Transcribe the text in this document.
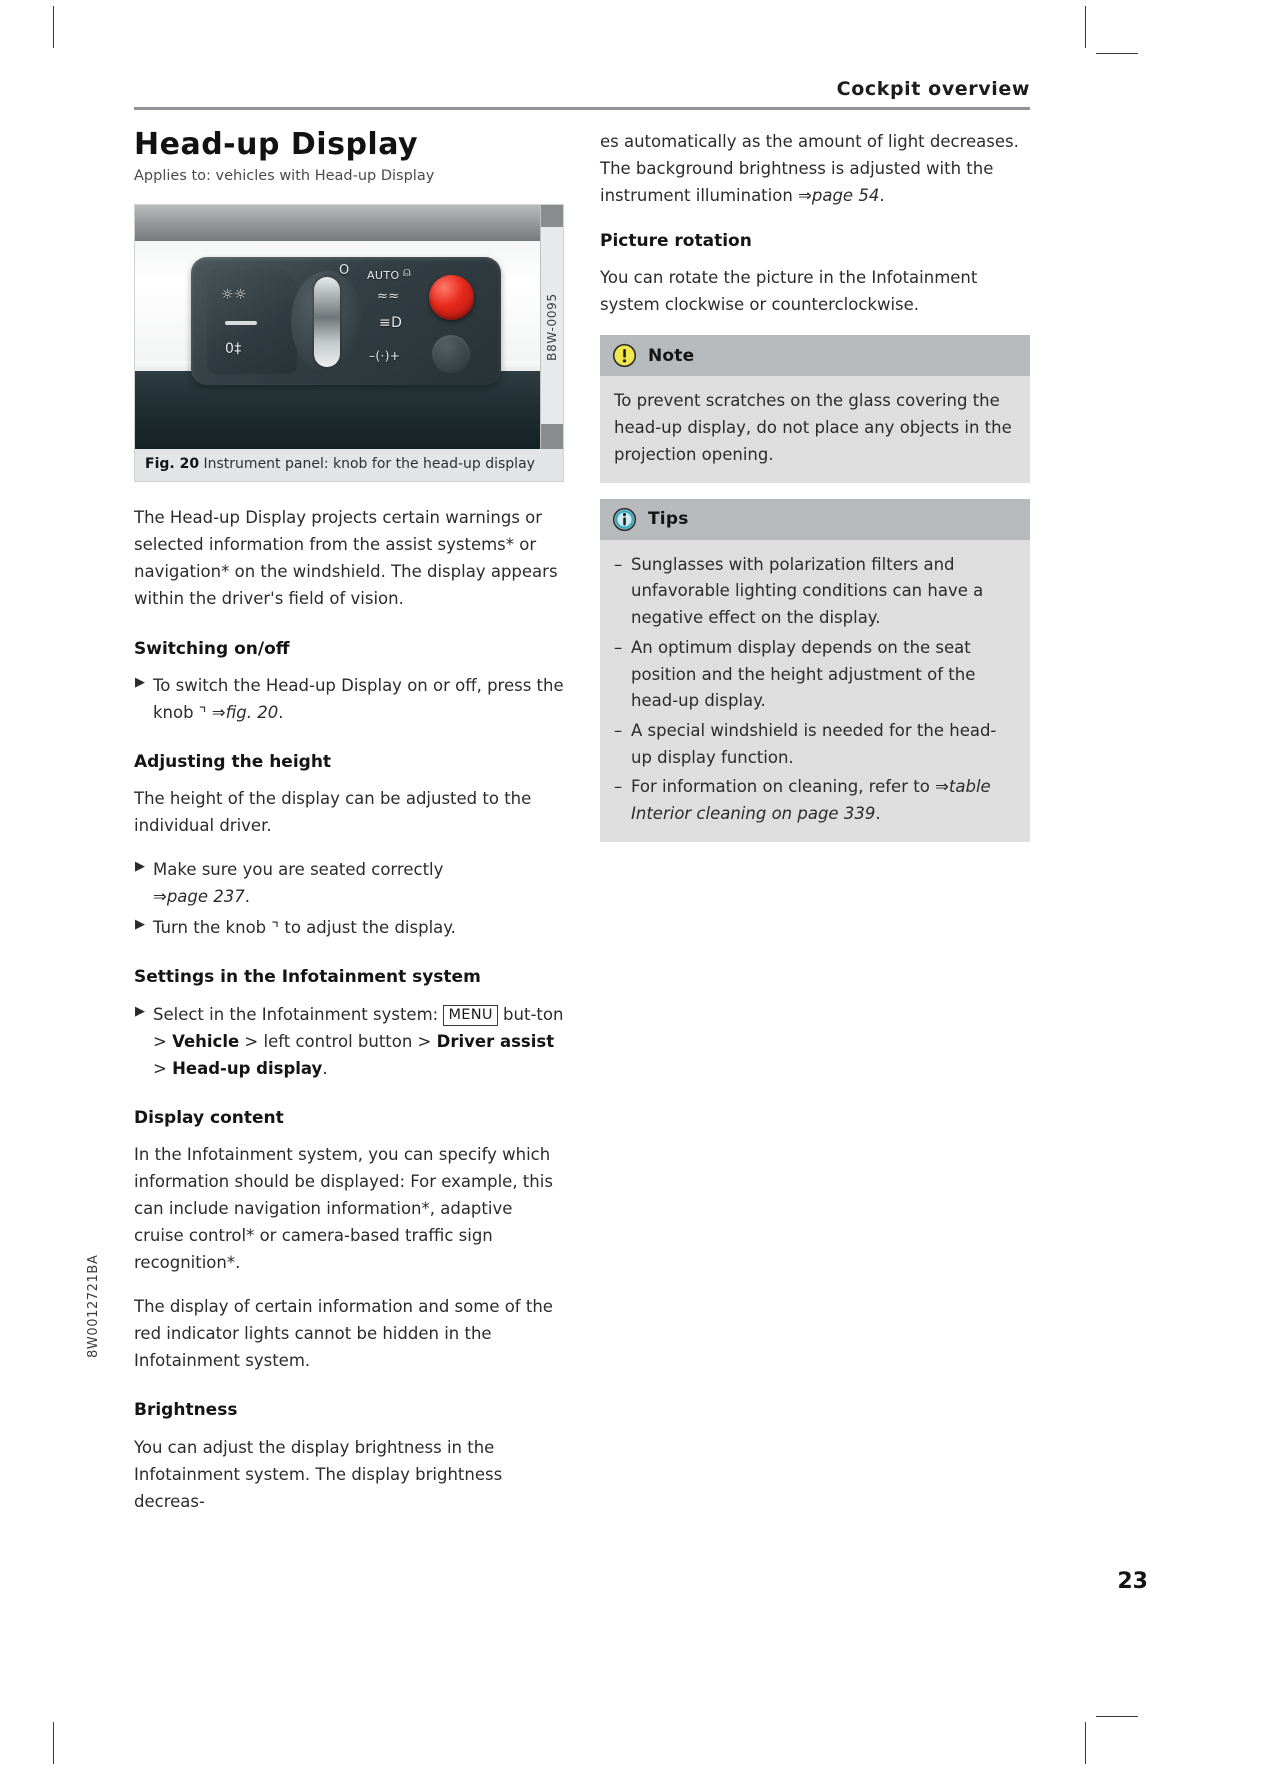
Cockpit overview
Head-up Display

Applies to: vehicles with Head-up Display

☼☼
0‡
O AUTO
≈≈
≡D
–(·)+
⍝
B8W-0095
Fig. 20 Instrument panel: knob for the head-up display

The Head-up Display projects certain warnings or selected information from the assist systems* or navigation* on the windshield. The display appears within the driver's field of vision.

Switching on/off
▶ To switch the Head-up Display on or off, press the knob ⌝ ⇒fig. 20.
Adjusting the height

The height of the display can be adjusted to the individual driver.

▶ Make sure you are seated correctly
⇒page 237.
▶ Turn the knob ⌝ to adjust the display.
Settings in the Infotainment system
▶ Select in the Infotainment system: MENU but-ton > Vehicle > left control button > Driver assist > Head-up display.
Display content

In the Infotainment system, you can specify which information should be displayed: For example, this can include navigation information*, adaptive cruise control* or camera-based traffic sign recognition*.

The display of certain information and some of the red indicator lights cannot be hidden in the Infotainment system.

Brightness

You can adjust the display brightness in the Infotainment system. The display brightness decreas-

es automatically as the amount of light decreases. The background brightness is adjusted with the instrument illumination ⇒page 54.

Picture rotation

You can rotate the picture in the Infotainment system clockwise or counterclockwise.

Note

To prevent scratches on the glass covering the head-up display, do not place any objects in the projection opening.

Tips
– Sunglasses with polarization filters and unfavorable lighting conditions can have a negative effect on the display.
– An optimum display depends on the seat position and the height adjustment of the head-up display.
– A special windshield is needed for the head-up display function.
– For information on cleaning, refer to ⇒table Interior cleaning on page 339.
8W0012721BA
23
